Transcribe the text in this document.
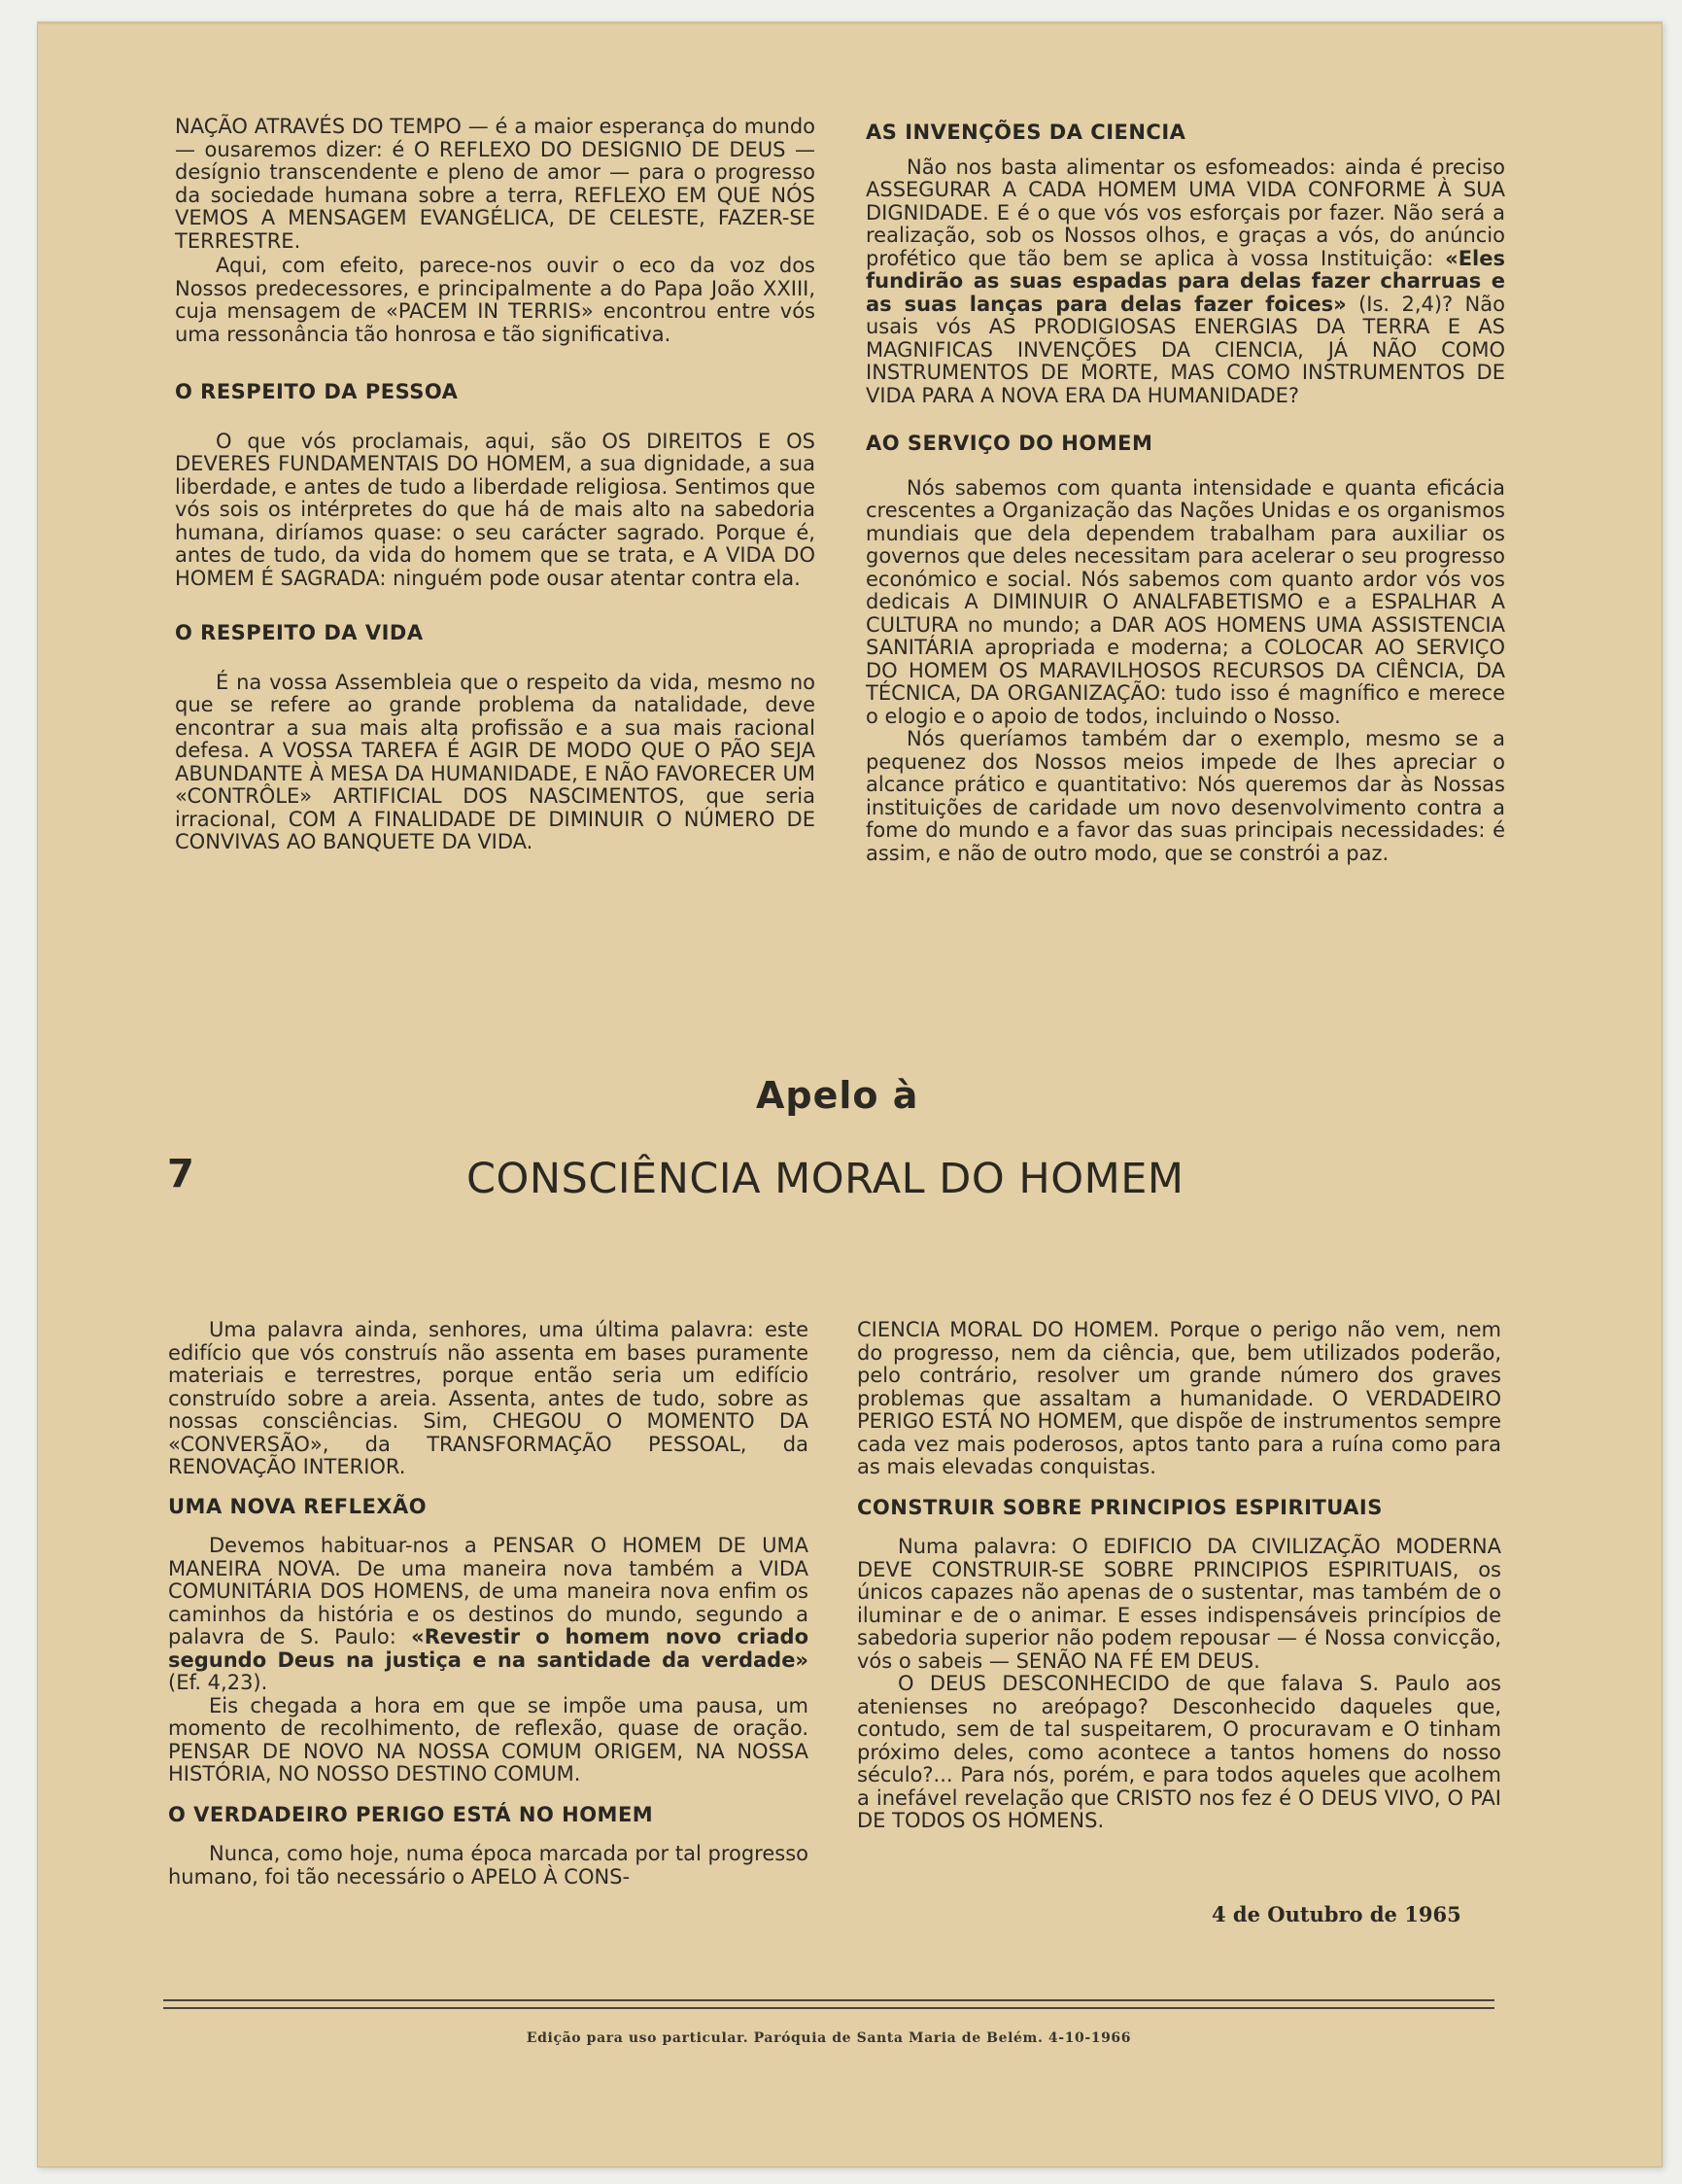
NAÇÃO ATRAVÉS DO TEMPO — é a maior esperança do mundo — ousaremos dizer: é O REFLEXO DO DESIGNIO DE DEUS — desígnio transcendente e pleno de amor — para o progresso da sociedade humana sobre a terra, REFLEXO EM QUE NÓS VEMOS A MENSAGEM EVANGÉLICA, DE CELESTE, FAZER-SE TERRESTRE.

Aqui, com efeito, parece-nos ouvir o eco da voz dos Nossos predecessores, e principalmente a do Papa João XXIII, cuja mensagem de «PACEM IN TERRIS» encontrou entre vós uma ressonância tão honrosa e tão significativa.

O RESPEITO DA PESSOA

O que vós proclamais, aqui, são OS DIREITOS E OS DEVERES FUNDAMENTAIS DO HOMEM, a sua dignidade, a sua liberdade, e antes de tudo a liberdade religiosa. Sentimos que vós sois os intérpretes do que há de mais alto na sabedoria humana, diríamos quase: o seu carácter sagrado. Porque é, antes de tudo, da vida do homem que se trata, e A VIDA DO HOMEM É SAGRADA: ninguém pode ousar atentar contra ela.

O RESPEITO DA VIDA

É na vossa Assembleia que o respeito da vida, mesmo no que se refere ao grande problema da natalidade, deve encontrar a sua mais alta profissão e a sua mais racional defesa. A VOSSA TAREFA É AGIR DE MODO QUE O PÃO SEJA ABUNDANTE À MESA DA HUMANIDADE, E NÃO FAVORECER UM «CONTRÔLE» ARTIFICIAL DOS NASCIMENTOS, que seria irracional, COM A FINALIDADE DE DIMINUIR O NÚMERO DE CONVIVAS AO BANQUETE DA VIDA.

AS INVENÇÕES DA CIENCIA

Não nos basta alimentar os esfomeados: ainda é preciso ASSEGURAR A CADA HOMEM UMA VIDA CONFORME À SUA DIGNIDADE. E é o que vós vos esforçais por fazer. Não será a realização, sob os Nossos olhos, e graças a vós, do anúncio profético que tão bem se aplica à vossa Instituição: «Eles fundirão as suas espadas para delas fazer charruas e as suas lanças para delas fazer foices» (Is. 2,4)? Não usais vós AS PRODIGIOSAS ENERGIAS DA TERRA E AS MAGNIFICAS INVENÇÕES DA CIENCIA, JÁ NÃO COMO INSTRUMENTOS DE MORTE, MAS COMO INSTRUMENTOS DE VIDA PARA A NOVA ERA DA HUMANIDADE?

AO SERVIÇO DO HOMEM

Nós sabemos com quanta intensidade e quanta eficácia crescentes a Organização das Nações Unidas e os organismos mundiais que dela dependem trabalham para auxiliar os governos que deles necessitam para acelerar o seu progresso económico e social. Nós sabemos com quanto ardor vós vos dedicais A DIMINUIR O ANALFABETISMO e a ESPALHAR A CULTURA no mundo; a DAR AOS HOMENS UMA ASSISTENCIA SANITÁRIA apropriada e moderna; a COLOCAR AO SERVIÇO DO HOMEM OS MARAVILHOSOS RECURSOS DA CIÊNCIA, DA TÉCNICA, DA ORGANIZAÇÃO: tudo isso é magnífico e merece o elogio e o apoio de todos, incluindo o Nosso.

Nós queríamos também dar o exemplo, mesmo se a pequenez dos Nossos meios impede de lhes apreciar o alcance prático e quantitativo: Nós queremos dar às Nossas instituições de caridade um novo desenvolvimento contra a fome do mundo e a favor das suas principais necessidades: é assim, e não de outro modo, que se constrói a paz.

Apelo à
7	CONSCIÊNCIA MORAL DO HOMEM

Uma palavra ainda, senhores, uma última palavra: este edifício que vós construís não assenta em bases puramente materiais e terrestres, porque então seria um edifício construído sobre a areia. Assenta, antes de tudo, sobre as nossas consciências. Sim, CHEGOU O MOMENTO DA «CONVERSÃO», da TRANSFORMAÇÃO PESSOAL, da RENOVAÇÃO INTERIOR.

UMA NOVA REFLEXÃO

Devemos habituar-nos a PENSAR O HOMEM DE UMA MANEIRA NOVA. De uma maneira nova também a VIDA COMUNITÁRIA DOS HOMENS, de uma maneira nova enfim os caminhos da história e os destinos do mundo, segundo a palavra de S. Paulo: «Revestir o homem novo criado segundo Deus na justiça e na santidade da verdade» (Ef. 4,23).

Eis chegada a hora em que se impõe uma pausa, um momento de recolhimento, de reflexão, quase de oração. PENSAR DE NOVO NA NOSSA COMUM ORIGEM, NA NOSSA HISTÓRIA, NO NOSSO DESTINO COMUM.

O VERDADEIRO PERIGO ESTÁ NO HOMEM

Nunca, como hoje, numa época marcada por tal progresso humano, foi tão necessário o APELO À CONS-

CIENCIA MORAL DO HOMEM. Porque o perigo não vem, nem do progresso, nem da ciência, que, bem utilizados poderão, pelo contrário, resolver um grande número dos graves problemas que assaltam a humanidade. O VERDADEIRO PERIGO ESTÁ NO HOMEM, que dispõe de instrumentos sempre cada vez mais poderosos, aptos tanto para a ruína como para as mais elevadas conquistas.

CONSTRUIR SOBRE PRINCIPIOS ESPIRITUAIS

Numa palavra: O EDIFICIO DA CIVILIZAÇÃO MODERNA DEVE CONSTRUIR-SE SOBRE PRINCIPIOS ESPIRITUAIS, os únicos capazes não apenas de o sustentar, mas também de o iluminar e de o animar. E esses indispensáveis princípios de sabedoria superior não podem repousar — é Nossa convicção, vós o sabeis — SENÃO NA FÉ EM DEUS.

O DEUS DESCONHECIDO de que falava S. Paulo aos atenienses no areópago? Desconhecido daqueles que, contudo, sem de tal suspeitarem, O procuravam e O tinham próximo deles, como acontece a tantos homens do nosso século?... Para nós, porém, e para todos aqueles que acolhem a inefável revelação que CRISTO nos fez é O DEUS VIVO, O PAI DE TODOS OS HOMENS.

4 de Outubro de 1965
Edição para uso particular. Paróquia de Santa Maria de Belém. 4-10-1966
